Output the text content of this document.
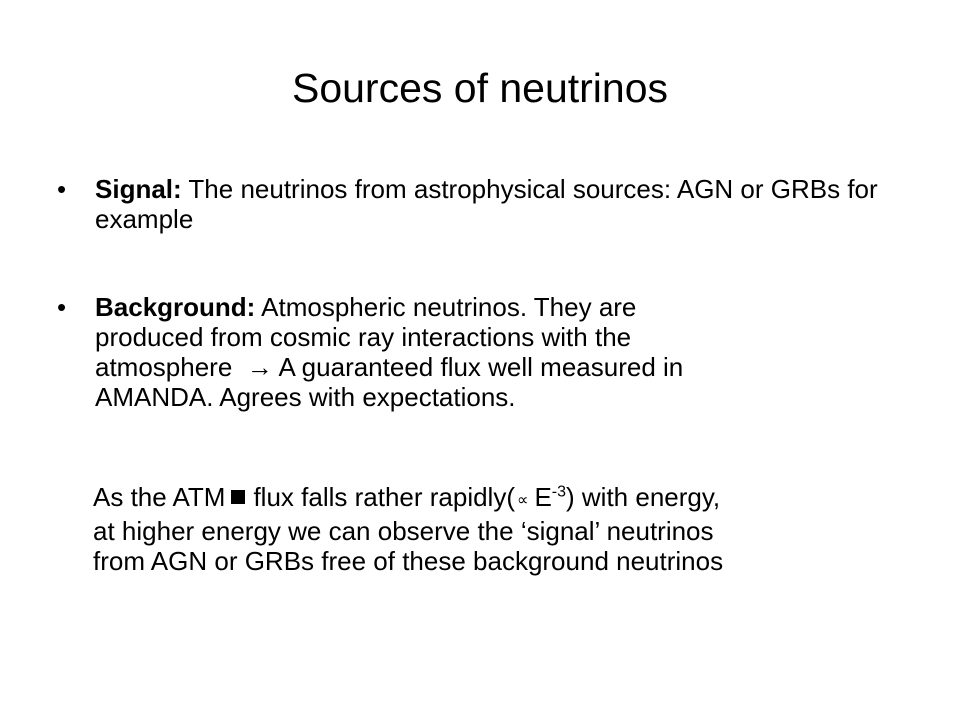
Sources of neutrinos
• Signal: The neutrinos from astrophysical sources: AGN or GRBs for example
• Background: Atmospheric neutrinos. They are
produced from cosmic ray interactions with the
atmosphere → A guaranteed flux well measured in
AMANDA. Agrees with expectations.
As the ATM flux falls rather rapidly( ∝ $E^{-3}$) with energy,
at higher energy we can observe the ‘signal’ neutrinos
from AGN or GRBs free of these background neutrinos
